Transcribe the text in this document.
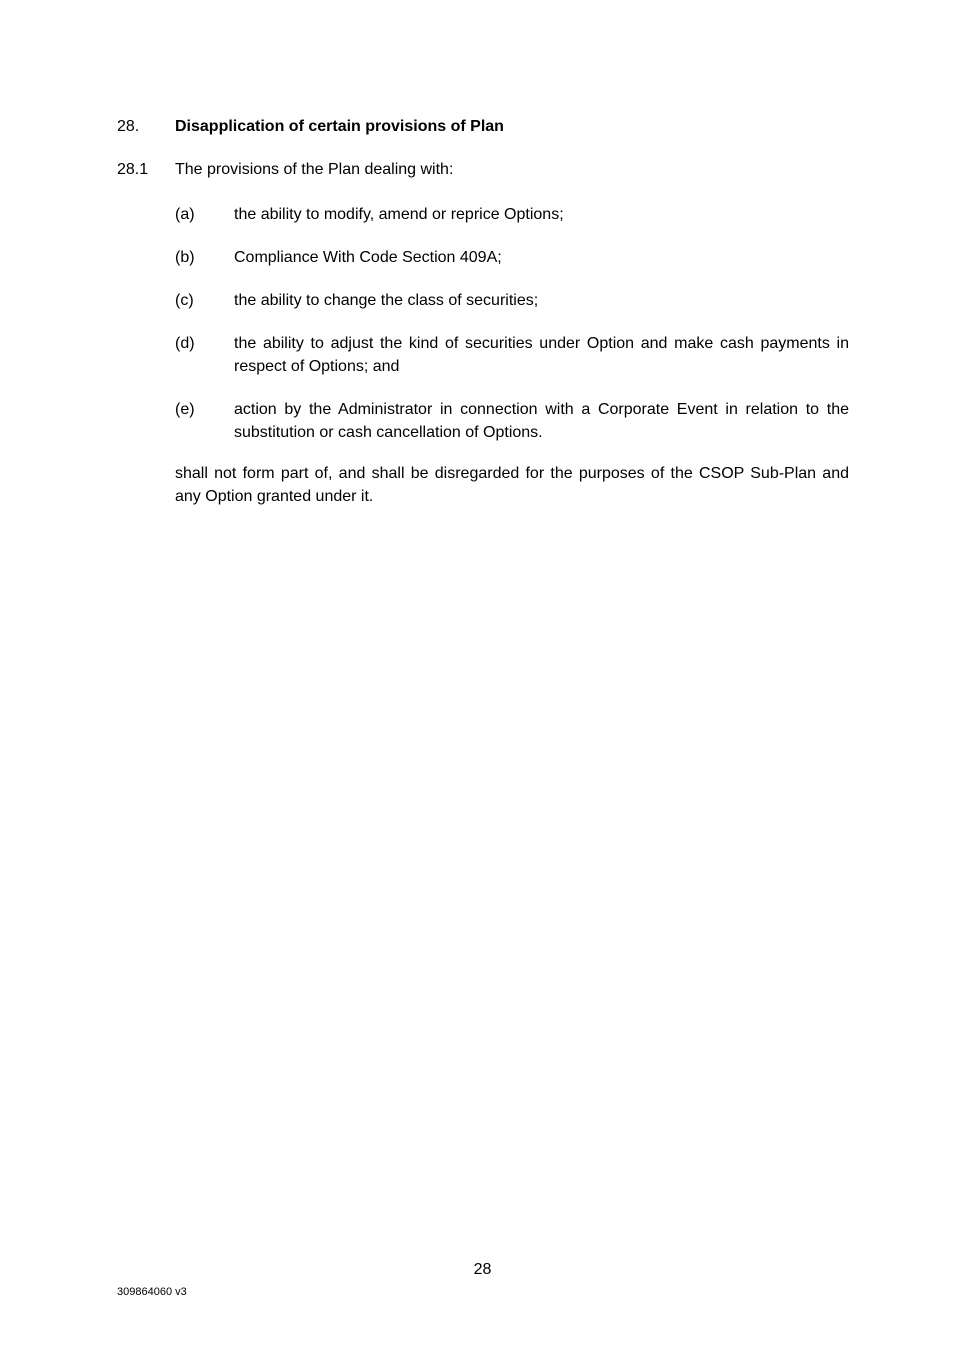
28. Disapplication of certain provisions of Plan
28.1 The provisions of the Plan dealing with:
(a) the ability to modify, amend or reprice Options;
(b) Compliance With Code Section 409A;
(c)	the ability to change the class of securities;
(d) the ability to adjust the kind of securities under Option and make cash payments in respect of Options; and
(e) action by the Administrator in connection with a Corporate Event in relation to the substitution or cash cancellation of Options.
shall not form part of, and shall be disregarded for the purposes of the CSOP Sub-Plan and any Option granted under it.
28
309864060 v3
